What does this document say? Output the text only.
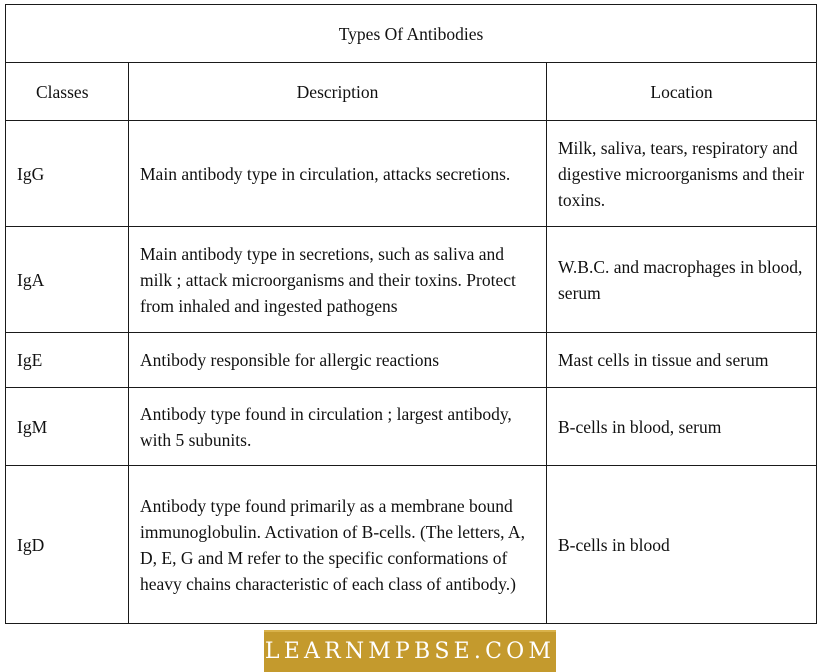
Types Of Antibodies		
Classes	Description	Location
IgG	Main antibody type in circulation, attacks secretions.	Milk, saliva, tears, respiratory and digestive microorganisms and their toxins.
IgA	Main antibody type in secretions, such as saliva and milk ; attack microorganisms and their toxins. Protect from inhaled and ingested pathogens	W.B.C. and macrophages in blood, serum
IgE	Antibody responsible for allergic reactions	Mast cells in tissue and serum
IgM	Antibody type found in circulation ; largest antibody, with 5 subunits.	B-cells in blood, serum
IgD	Antibody type found primarily as a membrane bound immunoglobulin. Activation of B-cells. (The letters, A, D, E, G and M refer to the specific conformations of heavy chains characteristic of each class of antibody.)	B-cells in blood
LEARNMPBSE.COM
